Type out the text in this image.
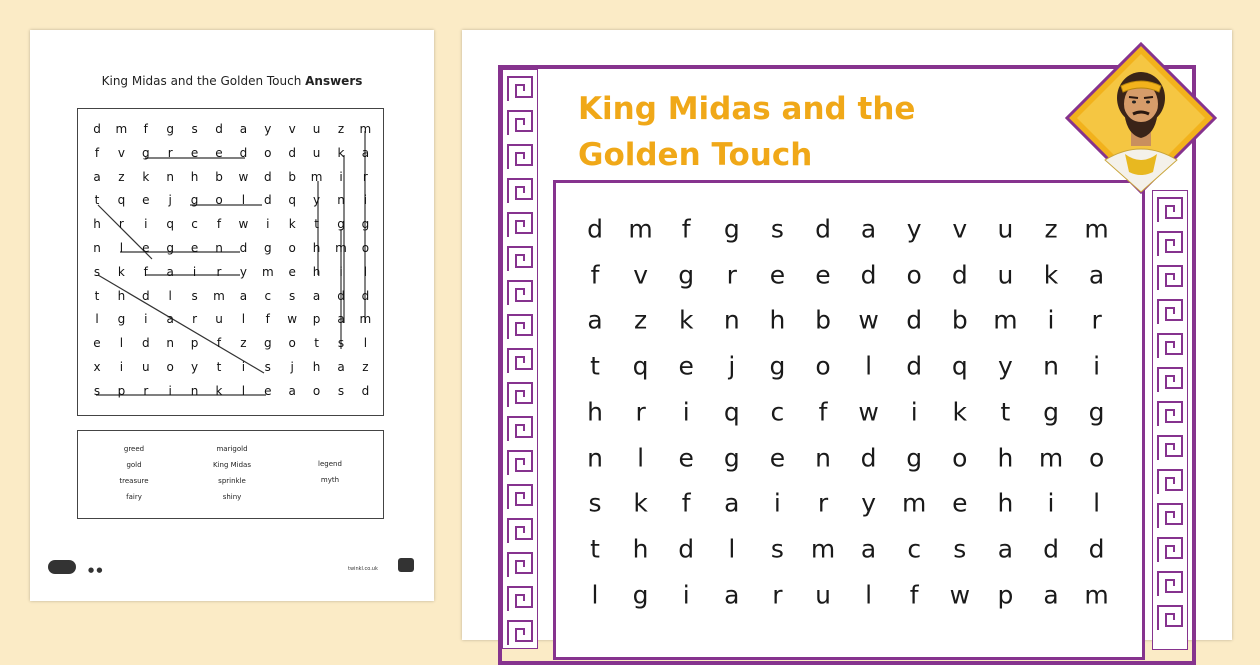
King Midas and the Golden Touch Answers
d m f g s d a y v u z m
f v g r e e d o d u k a
a z k n h b w d b m i r
t q e j g o l d q y n i
h r i q c f w i k t g g
n l e g e n d g o h m o
s k f a i r y m e h i l
t h d l s m a c s a d d
l g i a r u l f w p a m
e l d n p f z g o t s l
x i u o y t i s j h a z
s p r i n k l e a o s d
greed
gold
treasure
fairy
marigold
King Midas
sprinkle
shiny
legend
myth
● ●	twinkl.co.uk
King Midas and the
Golden Touch
d m f g s d a y v u z m
f v g r e e d o d u k a
a z k n h b w d b m i r
t q e j g o l d q y n i
h r i q c f w i k t g g
n l e g e n d g o h m o
s k f a i r y m e h i l
t h d l s m a c s a d d
l g i a r u l f w p a m
